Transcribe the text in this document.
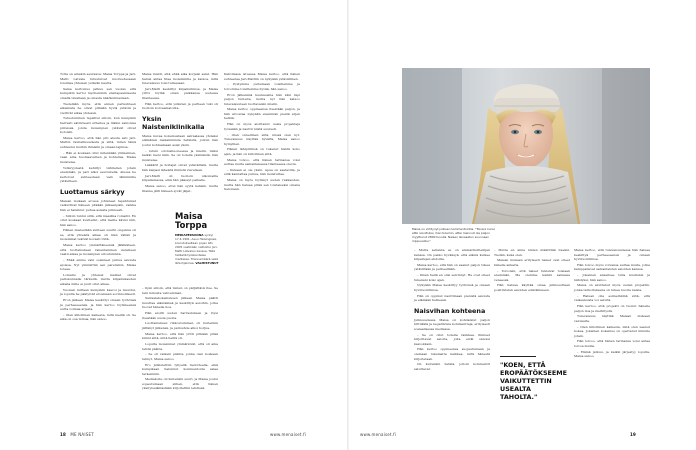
Totta on ainakin seuraava: Maisa Torppa ja Jari-Matti Latvala tutustuivat nuoruudessaan toisiinsa yhteisen ystävän kautta.

Sama kertomus jatkuu sen vuoksi, että kumpikin kertoi myöhemmin ensitapaamisesta omalla tavallaan ja omasta näkökulmastaan.

Tiedetään myös, että ennen parisuhteen alkamista he olivat pitkään hyviä ystäviä ja viettivät aikaa yhdessä.

Tutustuminen tapahtui silloin, kun kumpikin harrasti aktiivisesti urheilua ja liikkui samoissa piireissä, joista molempien ystävät olivat kotoisin.

Maisa kertoo, että hän piti alusta asti Jari-Mattin rauhallisuudesta ja siitä, miten tämä suhtautui muihin ihmisiin ja omaan lajiinsa.

– Hän ei koskaan ollut mitenkään ylimielinen, vaan aina huomaavainen ja kohtelias, Maisa muistelee.

Ystävyydestä kehittyi vähitellen jotain enemmän, ja pari alkoi seurustella. Alussa he kertoivat suhteestaan vain lähimmille ystävilleen.

Luottamus särkyy

Maisan mukaan erossa johtaneet tapahtumat vaikuttivat häneen pitkään jälkeenpäin, vaikka hän ei halunnut puhua asiasta julkisesti.

– Silloin tuntui siltä, että maailma romahti. En ollut koskaan kuvitellut, että meille kävisi niin, hän sanoo.

Hänen mielestään suhteen suurin ongelma oli se, että yhteistä aikaa oli liian vähän ja molemmat tekivät kovasti töitä.

Maisa kertoo ymmärtäneensä jälkikäteen, että luottamuksen rakentaminen uudelleen vaatii aikaa ja molempien sitoutumista.

– Ehkä emme vain osanneet puhua asioista ajoissa. Nyt ymmärrän sen paremmin, Maisa toteaa.

Lomailu ja yhteiset matkat olivat pariskunnalle tärkeitä, mutta kilpailukauden aikana niille ei juuri ollut aikaa.

Vuosien mittaan kumpikin kasvoi ja muuttui, ja lopulta he päätyivät eroamaan sovinnollisesti.

Eron jälkeen Maisa keskittyi omaan työhönsä ja perheeseensä, ja hän kertoo löytäneensä uutta voimaa arjesta.

– Olen kiitollinen kaikesta, mitä meillä oli. Se aika on osa minua, hän sanoo.

Maisa mietti, että ehkä aika korjaisi asiat. Hän halusi antaa tilaa molemmille ja katsoa, mitä tulevaisuus toisi tullessaan.

Jari-Matti keskittyi kilpailuihinsa, ja Maisa yritti löytää oman paikkansa uudessa tilanteessa.

Hän kertoo, että ystävien ja perheen tuki oli tuolloin korvaamatonta.

Yksin Naisteniklinikalla

Maisa kuvaa kokemustaan sairaalassa yhdeksi elämänsä raskaimmista hetkistä, jolloin hän joutui kohtaamaan asiat yksin.

– Istuin odotushuoneessa ja mietin, miksi kaikki meni näin. Se oli todella yksinäistä, hän muistelee.

Lääkärit ja hoitajat olivat ystävällisiä, mutta hän kaipasi läheistä ihmistä vierelleen.

Jari-Matti oli tuolloin ulkomailla kilpailemassa, eikä hän päässyt paikalle.

Maisa sanoo, ettei hän syytä ketään, mutta tilanne jätti häneen syvät jäljet.

– Opin silloin, että minun on pärjättävä itse. Se teki minusta vahvemman.

Sairaalakokemuksen jälkeen Maisa päätti muuttaa elämäänsä ja keskittyä asioihin, jotka tuovat hänelle iloa.

Hän aloitti uuden harrastuksen ja löysi itsestään uusia puolia.

Luottamuksen rikkoutuminen oli kuitenkin jättänyt jälkensä, ja parisuhde alkoi horjua.

Maisa kertoo, että hän yritti pitkään pitää kiinni siitä, mitä heillä oli.

Lopulta molemmat ymmärsivät, että oli aika tehdä päätös.

– Se oli vaikein päätös, jonka olen koskaan tehnyt, Maisa sanoo.

Ero julkistettiin lyhyellä tiedotteella, eikä kumpikaan halunnut kommentoida asiaa tarkemmin.

Mediakohu oli kuitenkin suuri, ja Maisa joutui sopeutumaan siihen, että hänen yksityiselämästään kirjoitettiin lehdissä.

Maisa
Torppa
MEDIAPERSOONA syntyi 17.4.1991, Asuu Helsingissä, koulutukseltaan pojan äiti. 2005 vastikään valikoitui Jari-Matti Latvalan kanssa. Tällä hetkellä työskentelee mediassa. Tilannemäärä sekä lähiohjelmaa. VALMISTUNUT

Kahvilassa istuessa Maisa kertoo, että hänen suhteensa Jari-Mattiin on nykyään ystävällinen.

– Pystymme puhumaan toisillemme ja toivomme toisillemme hyvää, hän sanoo.

Eron jälkeisinä kuukausina hän kävi läpi paljon tunteita, mutta nyt hän katsoo tulevaisuuteen luottavaisin mielin.

Maisa kertoo oppineensa itsestään paljon, ja hän arvostaa nykyään enemmän pieniä arjen hetkiä.

Hän on myös aloittanut uusia projekteja työssään ja nauttii niistä suuresti.

– Olen onnellinen siitä, missä olen nyt. Tulevaisuus näyttää hyvältä, Maisa sanoo hymyillen.

Hänen lähipiirinsä on tukenut häntä koko ajan, ja hän on kiitollinen siitä.

Maisa toivoo, että hänen tarinansa voisi auttaa muita samanlaisessa tilanteessa olevia.

– Kukaan ei ole yksin. Apua on saatavilla, ja siitä kannattaa puhua, hän muistuttaa.

Maisa on myös löytänyt uuden rakkauden, mutta hän haluaa pitää sen toistaiseksi omana tietonaan.

18 ME NAISET	www.menaiset.fi
Maisa on viihtynyt julkisen kommentointia. "Toiveni kunui että noiviltuksi, ihan tulemin, ettei meinnut ole paljon myyttunut 2800 tuvulla. Naisen lainsaatun suunnaan riippuvaiksi."

– Mutta sellaista se on ammattiurheilijan kanssa. On pakko hyväksyä, että elämä kulkee kilpailujen ehdoilla.

Maisa kertoo, että hän on saanut paljon tukea ystäviltään ja perheeltään.

– Ilman heitä en olisi selvinnyt. He ovat olleet tukenani koko ajan.

Nykyään Maisa keskittyy työhönsä ja omaan hyvinvointiinsa.

Hän on oppinut nauttimaan pienistä asioista ja elämään hetkessä.

Naisvihan kohteena

Julkisuudessa Maisa on kohdannut paljon kritiikkiä ja negatiivisia kommentteja, erityisesti sosiaalisessa mediassa.

– Se on ollut todella rankkaa. Ihmiset kirjoittavat asioita, joita eivät sanoisi kasvokkain.

Hän kertoo oppineensa suojautumaan ja olemaan lukematta kaikkea, mitä hänestä kirjoitetaan.

On kuitenkin hetkiä, jolloin kommentit satuttavat.

– Mutta en anna niiden määrittää itseäni. Tiedän, kuka olen.

Maisan mukaan erityisesti naiset ovat olleet hänelle ankaria.

– Toivoisin, että naiset tukisivat toisiaan enemmän. Me olemme kaikki samassa veneessä.

Hän haluaa käyttää omaa julkisuuttaan positiivisten asioiden edistämiseen.

"KOEN, ETTÄ EROPÄÄTÖKSEEME VAIKUTTETTIN USEALTA TAHOLTA."

Maisa kertoo, että tulevaisuudessa hän haluaa keskittyä perheeseensä ja omaan hyvinvointiinsa.

Hän toivoo myös voivansa auttaa muita, jotka kamppailevat samanlaisten asioiden kanssa.

– Jokainen ansaitsee tulla kuulluksi ja nähdyksi, hän sanoo.

Maisa on aloittanut myös uuden projektin, jonka tarkoituksena on tukea nuoria naisia.

– Haluan olla esimerkkinä siitä, että vaikeuksista voi selvitä.

Hän kertoo, että projekti on tuonut hänelle paljon iloa ja merkitystä.

Tulevaisuus näyttää Maisan mukaan valoisalta.

– Olen kiitollinen kaikesta, mitä olen saanut kokea. Jokainen kokemus on opettanut minulle jotain.

Hän toivoo, että hänen tarinansa voisi antaa toivoa muille.

– Elämä jatkuu, ja kaikki järjestyy lopulta, Maisa sanoo.

www.menaiset.fi	19
